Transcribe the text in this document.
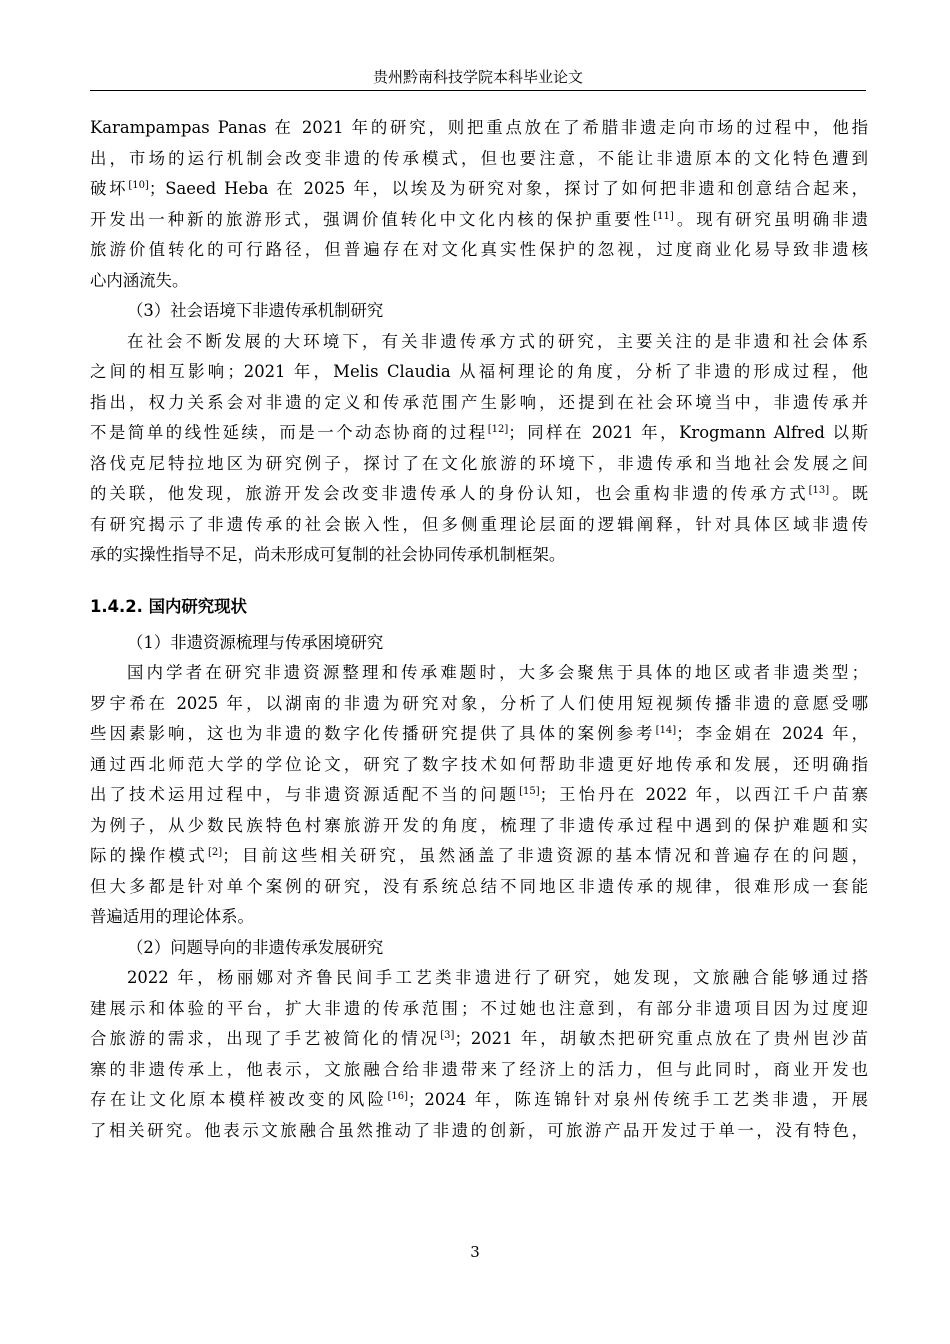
贵州黔南科技学院本科毕业论文
Karampampas Panas 在 2021 年的研究，则把重点放在了希腊非遗走向市场的过程中，他指
出，市场的运行机制会改变非遗的传承模式，但也要注意，不能让非遗原本的文化特色遭到
破坏[10]；Saeed Heba 在 2025 年，以埃及为研究对象，探讨了如何把非遗和创意结合起来，
开发出一种新的旅游形式，强调价值转化中文化内核的保护重要性[11]。现有研究虽明确非遗
旅游价值转化的可行路径，但普遍存在对文化真实性保护的忽视，过度商业化易导致非遗核
心内涵流失。
（3）社会语境下非遗传承机制研究
在社会不断发展的大环境下，有关非遗传承方式的研究，主要关注的是非遗和社会体系
之间的相互影响；2021 年，Melis Claudia 从福柯理论的角度，分析了非遗的形成过程，他
指出，权力关系会对非遗的定义和传承范围产生影响，还提到在社会环境当中，非遗传承并
不是简单的线性延续，而是一个动态协商的过程[12]；同样在 2021 年，Krogmann Alfred 以斯
洛伐克尼特拉地区为研究例子，探讨了在文化旅游的环境下，非遗传承和当地社会发展之间
的关联，他发现，旅游开发会改变非遗传承人的身份认知，也会重构非遗的传承方式[13]。既
有研究揭示了非遗传承的社会嵌入性，但多侧重理论层面的逻辑阐释，针对具体区域非遗传
承的实操性指导不足，尚未形成可复制的社会协同传承机制框架。
1.4.2. 国内研究现状
（1）非遗资源梳理与传承困境研究
国内学者在研究非遗资源整理和传承难题时，大多会聚焦于具体的地区或者非遗类型；
罗宇希在 2025 年，以湖南的非遗为研究对象，分析了人们使用短视频传播非遗的意愿受哪
些因素影响，这也为非遗的数字化传播研究提供了具体的案例参考[14]；李金娟在 2024 年，
通过西北师范大学的学位论文，研究了数字技术如何帮助非遗更好地传承和发展，还明确指
出了技术运用过程中，与非遗资源适配不当的问题[15]；王怡丹在 2022 年，以西江千户苗寨
为例子，从少数民族特色村寨旅游开发的角度，梳理了非遗传承过程中遇到的保护难题和实
际的操作模式[2]；目前这些相关研究，虽然涵盖了非遗资源的基本情况和普遍存在的问题，
但大多都是针对单个案例的研究，没有系统总结不同地区非遗传承的规律，很难形成一套能
普遍适用的理论体系。
（2）问题导向的非遗传承发展研究
2022 年，杨丽娜对齐鲁民间手工艺类非遗进行了研究，她发现，文旅融合能够通过搭
建展示和体验的平台，扩大非遗的传承范围；不过她也注意到，有部分非遗项目因为过度迎
合旅游的需求，出现了手艺被简化的情况[3]；2021 年，胡敏杰把研究重点放在了贵州岜沙苗
寨的非遗传承上，他表示，文旅融合给非遗带来了经济上的活力，但与此同时，商业开发也
存在让文化原本模样被改变的风险[16]；2024 年，陈连锦针对泉州传统手工艺类非遗，开展
了相关研究。他表示文旅融合虽然推动了非遗的创新，可旅游产品开发过于单一，没有特色，
3
